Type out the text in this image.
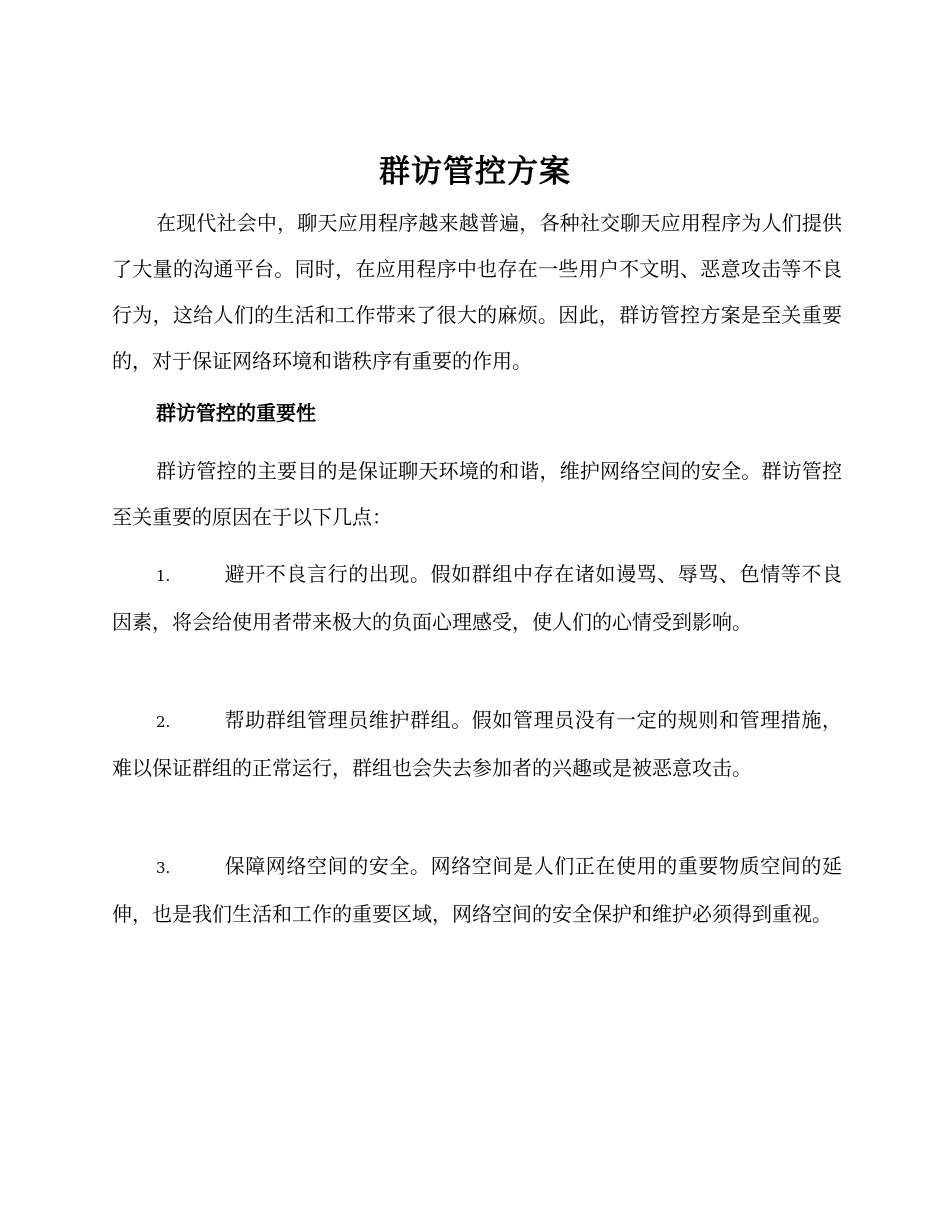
群访管控方案

在现代社会中，聊天应用程序越来越普遍，各种社交聊天应用程序为人们提供了大量的沟通平台。同时，在应用程序中也存在一些用户不文明、恶意攻击等不良行为，这给人们的生活和工作带来了很大的麻烦。因此，群访管控方案是至关重要的，对于保证网络环境和谐秩序有重要的作用。

群访管控的重要性

群访管控的主要目的是保证聊天环境的和谐，维护网络空间的安全。群访管控至关重要的原因在于以下几点：

1.	避开不良言行的出现。假如群组中存在诸如谩骂、辱骂、色情等不良因素，将会给使用者带来极大的负面心理感受，使人们的心情受到影响。

2.	帮助群组管理员维护群组。假如管理员没有一定的规则和管理措施，难以保证群组的正常运行，群组也会失去参加者的兴趣或是被恶意攻击。

3.	保障网络空间的安全。网络空间是人们正在使用的重要物质空间的延伸，也是我们生活和工作的重要区域，网络空间的安全保护和维护必须得到重视。
